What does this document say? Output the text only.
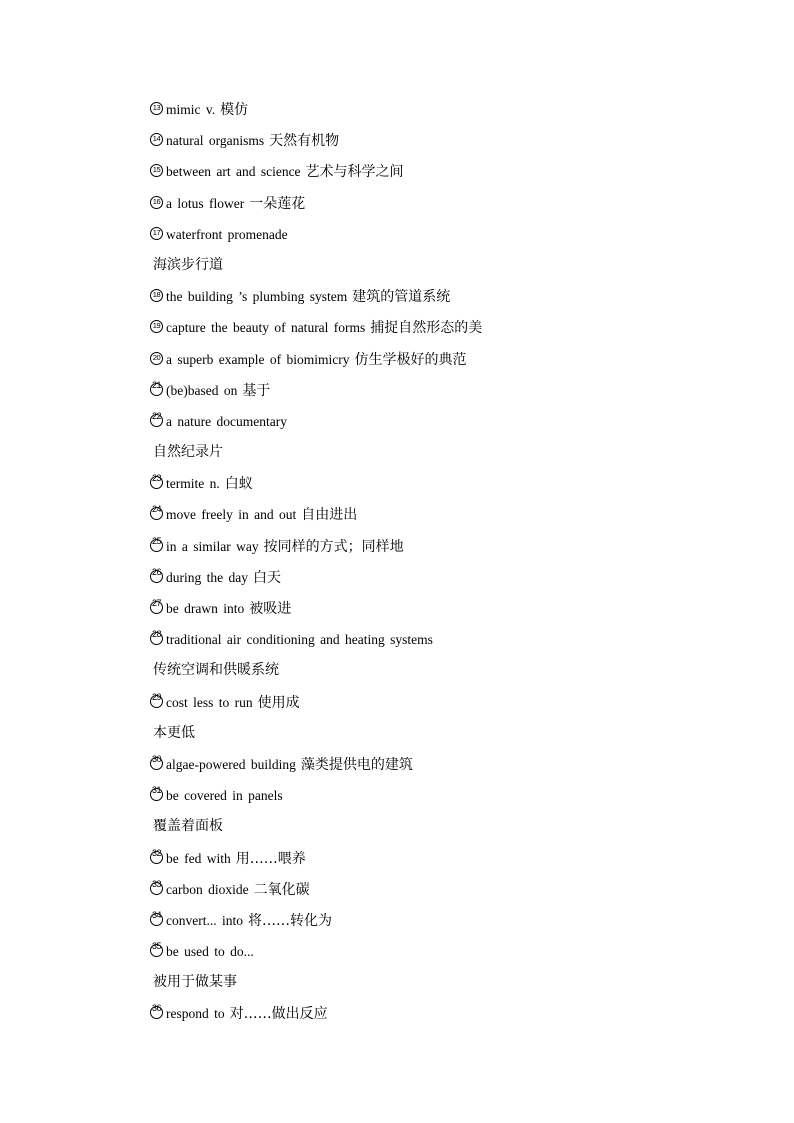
13 mimic v. 模仿
14 natural organisms 天然有机物
15 between art and science 艺术与科学之间
16 a lotus flower 一朵莲花
17 waterfront promenade
海滨步行道
18 the building ’s plumbing system 建筑的管道系统
19 capture the beauty of natural forms 捕捉自然形态的美
20 a superb example of biomimicry 仿生学极好的典范
21 (be)based on 基于
22 a nature documentary
自然纪录片
23 termite n. 白蚁
24 move freely in and out 自由进出
25 in a similar way 按同样的方式；同样地
26 during the day 白天
27 be drawn into 被吸进
28 traditional air conditioning and heating systems
传统空调和供暖系统
29 cost less to run 使用成
本更低
30 algae-powered building 藻类提供电的建筑
31 be covered in panels
覆盖着面板
32 be fed with 用……喂养
33 carbon dioxide 二氧化碳
34 convert... into 将……转化为
35 be used to do...
被用于做某事
36 respond to 对……做出反应
